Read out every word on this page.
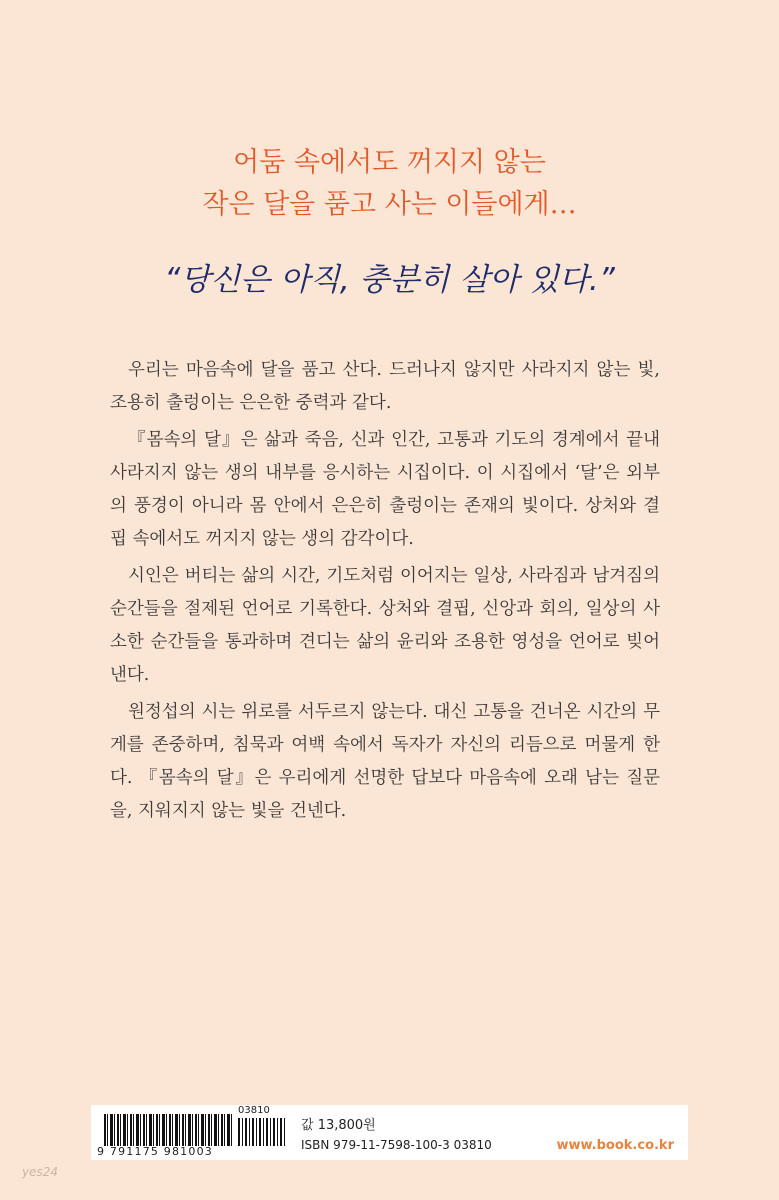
어둠 속에서도 꺼지지 않는
작은 달을 품고 사는 이들에게…
“당신은 아직, 충분히 살아 있다.”

우리는 마음속에 달을 품고 산다. 드러나지 않지만 사라지지 않는 빛, 조용히 출렁이는 은은한 중력과 같다.

『몸속의 달』은 삶과 죽음, 신과 인간, 고통과 기도의 경계에서 끝내 사라지지 않는 생의 내부를 응시하는 시집이다. 이 시집에서 ‘달’은 외부의 풍경이 아니라 몸 안에서 은은히 출렁이는 존재의 빛이다. 상처와 결핍 속에서도 꺼지지 않는 생의 감각이다.

시인은 버티는 삶의 시간, 기도처럼 이어지는 일상, 사라짐과 남겨짐의 순간들을 절제된 언어로 기록한다. 상처와 결핍, 신앙과 회의, 일상의 사소한 순간들을 통과하며 견디는 삶의 윤리와 조용한 영성을 언어로 빚어낸다.

원정섭의 시는 위로를 서두르지 않는다. 대신 고통을 건너온 시간의 무게를 존중하며, 침묵과 여백 속에서 독자가 자신의 리듬으로 머물게 한다. 『몸속의 달』은 우리에게 선명한 답보다 마음속에 오래 남는 질문을, 지워지지 않는 빛을 건넨다.

9 791175 981003
03810
값 13,800원
ISBN 979-11-7598-100-3 03810	www.book.co.kr
yes24
